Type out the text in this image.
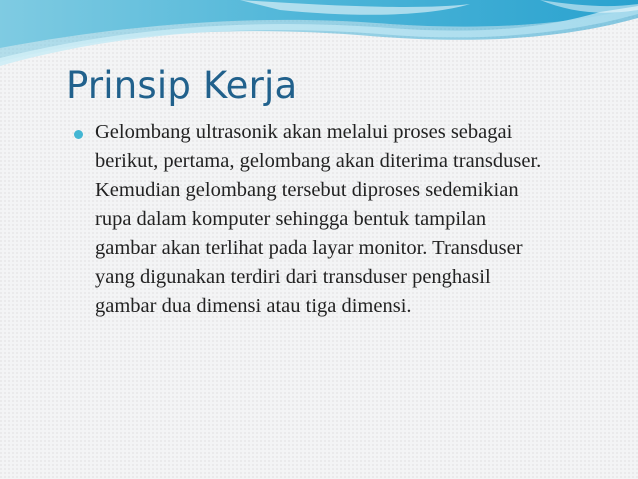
Prinsip Kerja
Gelombang ultrasonik akan melalui proses sebagai berikut, pertama, gelombang akan diterima transduser. Kemudian gelombang tersebut diproses sedemikian rupa dalam komputer sehingga bentuk tampilan gambar akan terlihat pada layar monitor. Transduser yang digunakan terdiri dari transduser penghasil gambar dua dimensi atau tiga dimensi.
